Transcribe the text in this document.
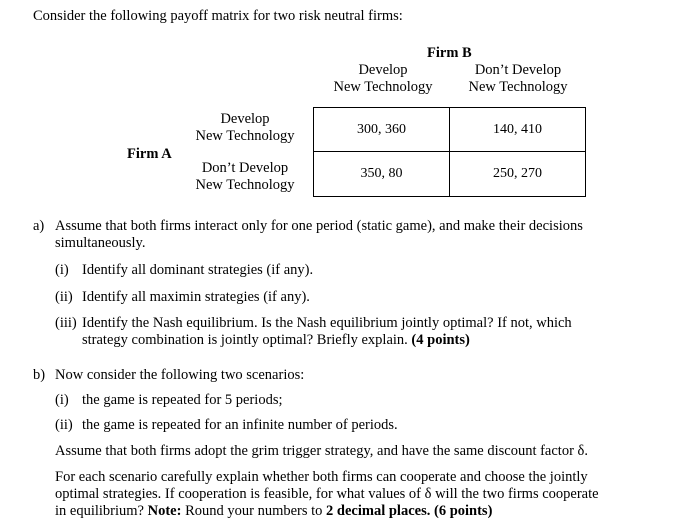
Consider the following payoff matrix for two risk neutral firms:
Firm B
Develop
New Technology
Don’t Develop
New Technology
Develop
New Technology
Don’t Develop
New Technology
Firm A
300, 360	140, 410
350, 80	250, 270
a) Assume that both firms interact only for one period (static game), and make their decisions
simultaneously.
(i) Identify all dominant strategies (if any).
(ii) Identify all maximin strategies (if any).
(iii) Identify the Nash equilibrium. Is the Nash equilibrium jointly optimal? If not, which
strategy combination is jointly optimal? Briefly explain. (4 points)
b) Now consider the following two scenarios:
(i) the game is repeated for 5 periods;
(ii) the game is repeated for an infinite number of periods.
Assume that both firms adopt the grim trigger strategy, and have the same discount factor δ.
For each scenario carefully explain whether both firms can cooperate and choose the jointly
optimal strategies. If cooperation is feasible, for what values of δ will the two firms cooperate
in equilibrium? Note: Round your numbers to 2 decimal places. (6 points)
